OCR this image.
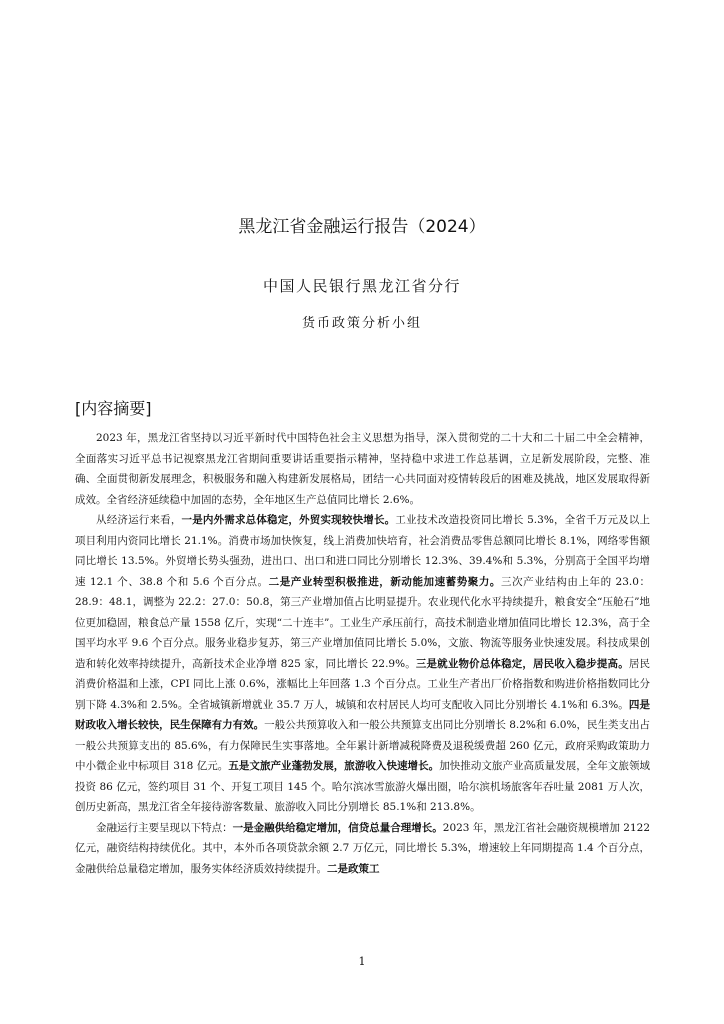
黑龙江省金融运行报告（2024）
中国人民银行黑龙江省分行
货币政策分析小组
[内容摘要]

2023 年，黑龙江省坚持以习近平新时代中国特色社会主义思想为指导，深入贯彻党的二十大和二十届二中全会精神，全面落实习近平总书记视察黑龙江省期间重要讲话重要指示精神，坚持稳中求进工作总基调，立足新发展阶段，完整、准确、全面贯彻新发展理念，积极服务和融入构建新发展格局，团结一心共同面对疫情转段后的困难及挑战，地区发展取得新成效。全省经济延续稳中加固的态势，全年地区生产总值同比增长 2.6%。

从经济运行来看，一是内外需求总体稳定，外贸实现较快增长。工业技术改造投资同比增长 5.3%，全省千万元及以上项目利用内资同比增长 21.1%。消费市场加快恢复，线上消费加快培育，社会消费品零售总额同比增长 8.1%，网络零售额同比增长 13.5%。外贸增长势头强劲，进出口、出口和进口同比分别增长 12.3%、39.4%和 5.3%，分别高于全国平均增速 12.1 个、38.8 个和 5.6 个百分点。二是产业转型积极推进，新动能加速蓄势聚力。三次产业结构由上年的 23.0：28.9：48.1，调整为 22.2：27.0：50.8，第三产业增加值占比明显提升。农业现代化水平持续提升，粮食安全“压舱石”地位更加稳固，粮食总产量 1558 亿斤，实现“二十连丰”。工业生产承压前行，高技术制造业增加值同比增长 12.3%，高于全国平均水平 9.6 个百分点。服务业稳步复苏，第三产业增加值同比增长 5.0%，文旅、物流等服务业快速发展。科技成果创造和转化效率持续提升，高新技术企业净增 825 家，同比增长 22.9%。三是就业物价总体稳定，居民收入稳步提高。居民消费价格温和上涨，CPI 同比上涨 0.6%，涨幅比上年回落 1.3 个百分点。工业生产者出厂价格指数和购进价格指数同比分别下降 4.3%和 2.5%。全省城镇新增就业 35.7 万人，城镇和农村居民人均可支配收入同比分别增长 4.1%和 6.3%。四是财政收入增长较快，民生保障有力有效。一般公共预算收入和一般公共预算支出同比分别增长 8.2%和 6.0%，民生类支出占一般公共预算支出的 85.6%，有力保障民生实事落地。全年累计新增减税降费及退税缓费超 260 亿元，政府采购政策助力中小微企业中标项目 318 亿元。五是文旅产业蓬勃发展，旅游收入快速增长。加快推动文旅产业高质量发展，全年文旅领域投资 86 亿元，签约项目 31 个、开复工项目 145 个。哈尔滨冰雪旅游火爆出圈，哈尔滨机场旅客年吞吐量 2081 万人次，创历史新高，黑龙江省全年接待游客数量、旅游收入同比分别增长 85.1%和 213.8%。

金融运行主要呈现以下特点：一是金融供给稳定增加，信贷总量合理增长。2023 年，黑龙江省社会融资规模增加 2122 亿元，融资结构持续优化。其中，本外币各项贷款余额 2.7 万亿元，同比增长 5.3%，增速较上年同期提高 1.4 个百分点，金融供给总量稳定增加，服务实体经济质效持续提升。二是政策工

1
